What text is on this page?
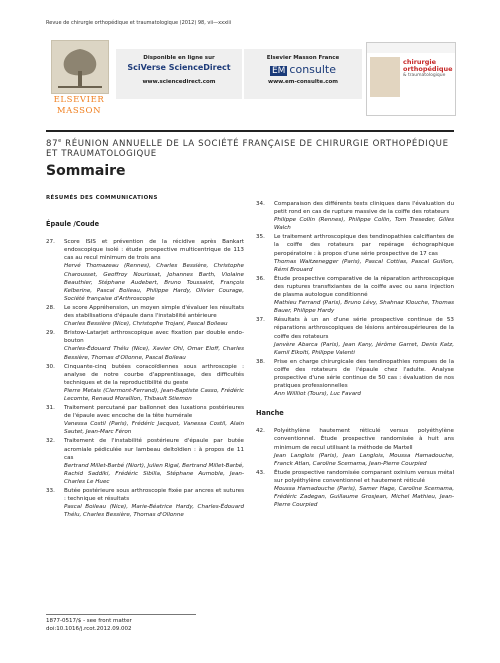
Revue de chirurgie orthopédique et traumatologique (2012) 98, vii—xxxiii
ELSEVIER
MASSON
Disponible en ligne sur
SciVerse ScienceDirect
www.sciencedirect.com
Elsevier Masson France
EM consulte
www.em-consulte.com
chirurgie
orthopédique
& traumatologique
87e RÉUNION ANNUELLE DE LA SOCIÉTÉ FRANÇAISE DE CHIRURGIE ORTHOPÉDIQUE ET TRAUMATOLOGIQUE
Sommaire
RÉSUMÉS DES COMMUNICATIONS
Épaule /Coude
27.	Score ISIS et prévention de la récidive après Bankart endoscopique isolé : étude prospective multicentrique de 113 cas au recul minimum de trois ans
Hervé Thomazeau (Rennes), Charles Bessière, Christophe Charousset, Geoffroy Nourissat, Johannes Barth, Violaine Beauthier, Stéphane Audebert, Bruno Toussaint, François Kelberine, Pascal Boileau, Philippe Hardy, Olivier Courage, Société française d'Arthroscopie
28.	Le score Appréhension, un moyen simple d'évaluer les résultats des stabilisations d'épaule dans l'instabilité antérieure
Charles Bessière (Nice), Christophe Trojani, Pascal Boileau
29.	Bristow-Latarjet arthroscopique avec fixation par double endo-bouton
Charles-Édouard Thélu (Nice), Xavier Ohl, Omar Eloff, Charles Bessière, Thomas d'Ollonne, Pascal Boileau
30.	Cinquante-cinq butées coracoïdiennes sous arthroscopie : analyse de notre courbe d'apprentissage, des difficultés techniques et de la reproductibilité du geste
Pierre Metais (Clermont-Ferrand), Jean-Baptiste Casso, Frédéric Lecomte, Renaud Moralllon, Thibault Stiemon
31.	Traitement percutané par ballonnet des luxations postérieures de l'épaule avec encoche de la tête humérale
Vanessa Costil (Paris), Frédéric Jacquot, Vanessa Costil, Alain Sautet, Jean-Marc Féron
32.	Traitement de l'instabilité postérieure d'épaule par butée acromiale pédiculée sur lambeau deltoïdien : à propos de 11 cas
Bertrand Millet-Barbé (Niort), Julien Rigal, Bertrand Millet-Barbé, Rachid Saddiki, Frédéric Sibilla, Stéphane Aumoble, Jean-Charles Le Huec
33.	Butée postérieure sous arthroscopie fixée par ancres et sutures : technique et résultats
Pascal Boileau (Nice), Marie-Béatrice Hardy, Charles-Édouard Thélu, Charles Bessière, Thomas d'Ollonne
34.	Comparaison des différents tests cliniques dans l'évaluation du petit rond en cas de rupture massive de la coiffe des rotateurs
Philippe Collin (Rennes), Philippe Collin, Tom Treseder, Gilles Walch
35.	Le traitement arthroscopique des tendinopathies calcifiantes de la coiffe des rotateurs par repérage échographique peropératoire : à propos d'une série prospective de 17 cas
Thomas Waitzenegger (Paris), Pascal Cottias, Pascal Guillon, Rémi Brouard
36.	Étude prospective comparative de la réparation arthroscopique des ruptures transfixiantes de la coiffe avec ou sans injection de plasma autologue conditionné
Mathieu Ferrand (Paris), Bruno Lévy, Shahnaz Klouche, Thomas Bauer, Philippe Hardy
37.	Résultats à un an d'une série prospective continue de 53 réparations arthroscopiques de lésions antérosupérieures de la coiffe des rotateurs
Janvère Abarca (Paris), Jean Kany, Jérôme Garret, Denis Katz, Kamil Elkolti, Philippe Valenti
38.	Prise en charge chirurgicale des tendinopathies rompues de la coiffe des rotateurs de l'épaule chez l'adulte. Analyse prospective d'une série continue de 50 cas : évaluation de nos pratiques professionnelles
Ann Willliot (Tours), Luc Favard
Hanche
42.	Polyéthylène hautement réticulé versus polyéthylène conventionnel. Étude prospective randomisée à huit ans minimum de recul utilisant la méthode de Martell
Jean Langlois (Paris), Jean Langlois, Moussa Hamadouche, Franck Atlan, Caroline Scemama, Jean-Pierre Courpied
43.	Étude prospective randomisée comparant oxinium versus métal sur polyéthylène conventionnel et hautement réticulé
Moussa Hamadouche (Paris), Samer Hage, Caroline Scemama, Frédéric Zadegan, Guillaume Grosjean, Michel Mathieu, Jean-Pierre Courpied
1877-0517/$ - see front matter
doi:10.1016/j.rcot.2012.09.002
